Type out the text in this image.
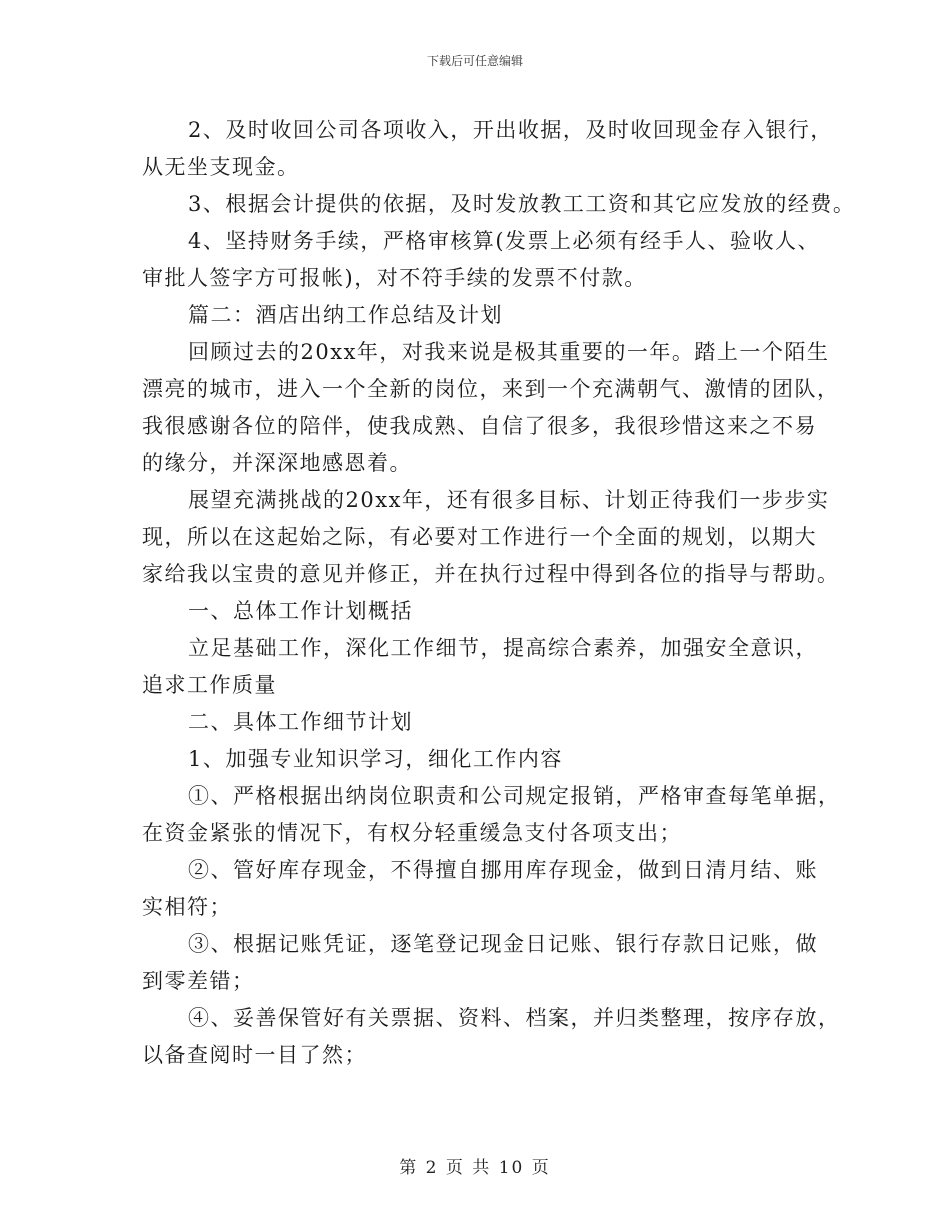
下载后可任意编辑
2、及时收回公司各项收入，开出收据，及时收回现金存入银行，
从无坐支现金。
3、根据会计提供的依据，及时发放教工工资和其它应发放的经费。
4、坚持财务手续，严格审核算(发票上必须有经手人、验收人、
审批人签字方可报帐)，对不符手续的发票不付款。
篇二：酒店出纳工作总结及计划
回顾过去的20xx年，对我来说是极其重要的一年。踏上一个陌生
漂亮的城市，进入一个全新的岗位，来到一个充满朝气、激情的团队，
我很感谢各位的陪伴，使我成熟、自信了很多，我很珍惜这来之不易
的缘分，并深深地感恩着。
展望充满挑战的20xx年，还有很多目标、计划正待我们一步步实
现，所以在这起始之际，有必要对工作进行一个全面的规划，以期大
家给我以宝贵的意见并修正，并在执行过程中得到各位的指导与帮助。
一、总体工作计划概括
立足基础工作，深化工作细节，提高综合素养，加强安全意识，
追求工作质量
二、具体工作细节计划
1、加强专业知识学习，细化工作内容
①、严格根据出纳岗位职责和公司规定报销，严格审查每笔单据，
在资金紧张的情况下，有权分轻重缓急支付各项支出；
②、管好库存现金，不得擅自挪用库存现金，做到日清月结、账
实相符；
③、根据记账凭证，逐笔登记现金日记账、银行存款日记账，做
到零差错；
④、妥善保管好有关票据、资料、档案，并归类整理，按序存放，
以备查阅时一目了然；
第 2 页 共 10 页
